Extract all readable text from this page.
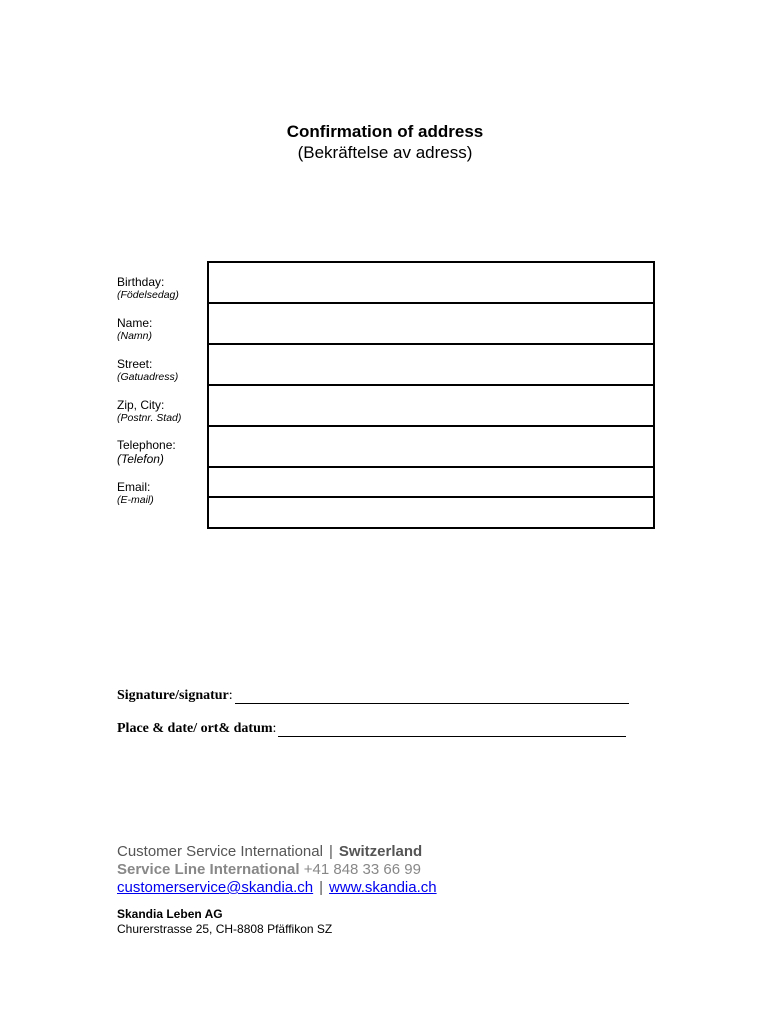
Confirmation of address
(Bekräftelse av adress)
Birthday:
(Födelsedag)
Name:
(Namn)
Street:
(Gatuadress)
Zip, City:
(Postnr. Stad)
Telephone:
(Telefon)
Email:
(E-mail)
Signature/signatur :
Place & date/ ort& datum :
Customer Service International | Switzerland
Service Line International +41 848 33 66 99
customerservice@skandia.ch | www.skandia.ch
Skandia Leben AG
Churerstrasse 25, CH-8808 Pfäffikon SZ
